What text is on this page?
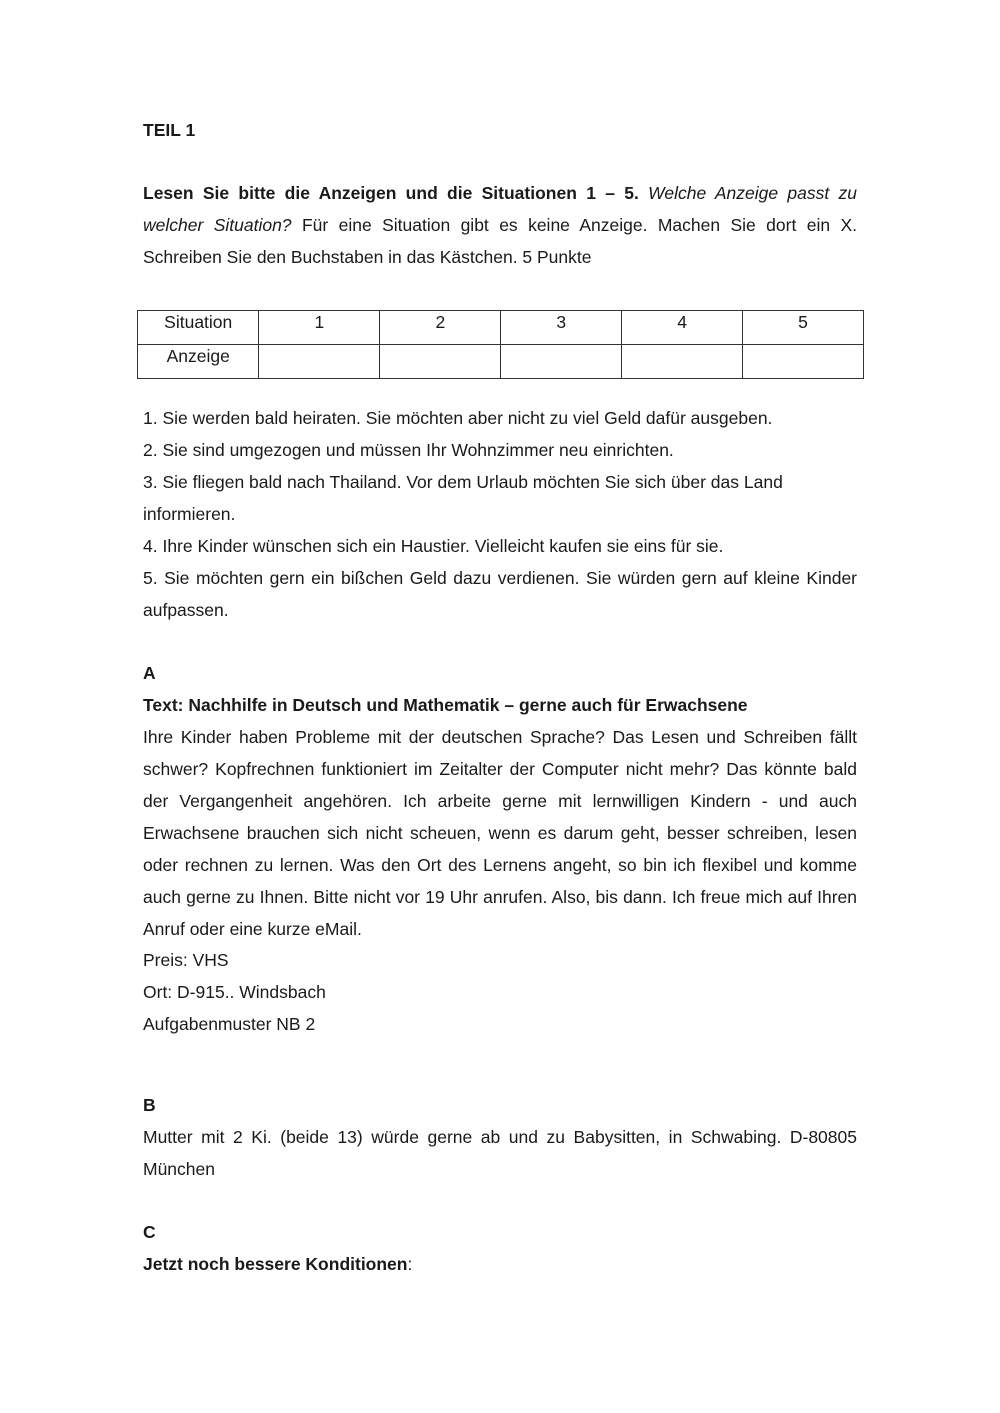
TEIL 1

Lesen Sie bitte die Anzeigen und die Situationen 1 – 5. Welche Anzeige passt zu welcher Situation? Für eine Situation gibt es keine Anzeige. Machen Sie dort ein X. Schreiben Sie den Buchstaben in das Kästchen. 5 Punkte

Situation	1	2	3	4	5
Anzeige					

1. Sie werden bald heiraten. Sie möchten aber nicht zu viel Geld dafür ausgeben.

2. Sie sind umgezogen und müssen Ihr Wohnzimmer neu einrichten.

3. Sie fliegen bald nach Thailand. Vor dem Urlaub möchten Sie sich über das Land informieren.

4. Ihre Kinder wünschen sich ein Haustier. Vielleicht kaufen sie eins für sie.

5. Sie möchten gern ein bißchen Geld dazu verdienen. Sie würden gern auf kleine Kinder aufpassen.

A

Text: Nachhilfe in Deutsch und Mathematik – gerne auch für Erwachsene

Ihre Kinder haben Probleme mit der deutschen Sprache? Das Lesen und Schreiben fällt schwer? Kopfrechnen funktioniert im Zeitalter der Computer nicht mehr? Das könnte bald der Vergangenheit angehören. Ich arbeite gerne mit lernwilligen Kindern - und auch Erwachsene brauchen sich nicht scheuen, wenn es darum geht, besser schreiben, lesen oder rechnen zu lernen. Was den Ort des Lernens angeht, so bin ich flexibel und komme auch gerne zu Ihnen. Bitte nicht vor 19 Uhr anrufen. Also, bis dann. Ich freue mich auf Ihren Anruf oder eine kurze eMail.

Preis: VHS

Ort: D-915.. Windsbach

Aufgabenmuster NB 2

B

Mutter mit 2 Ki. (beide 13) würde gerne ab und zu Babysitten, in Schwabing. D-80805 München

C

Jetzt noch bessere Konditionen:
